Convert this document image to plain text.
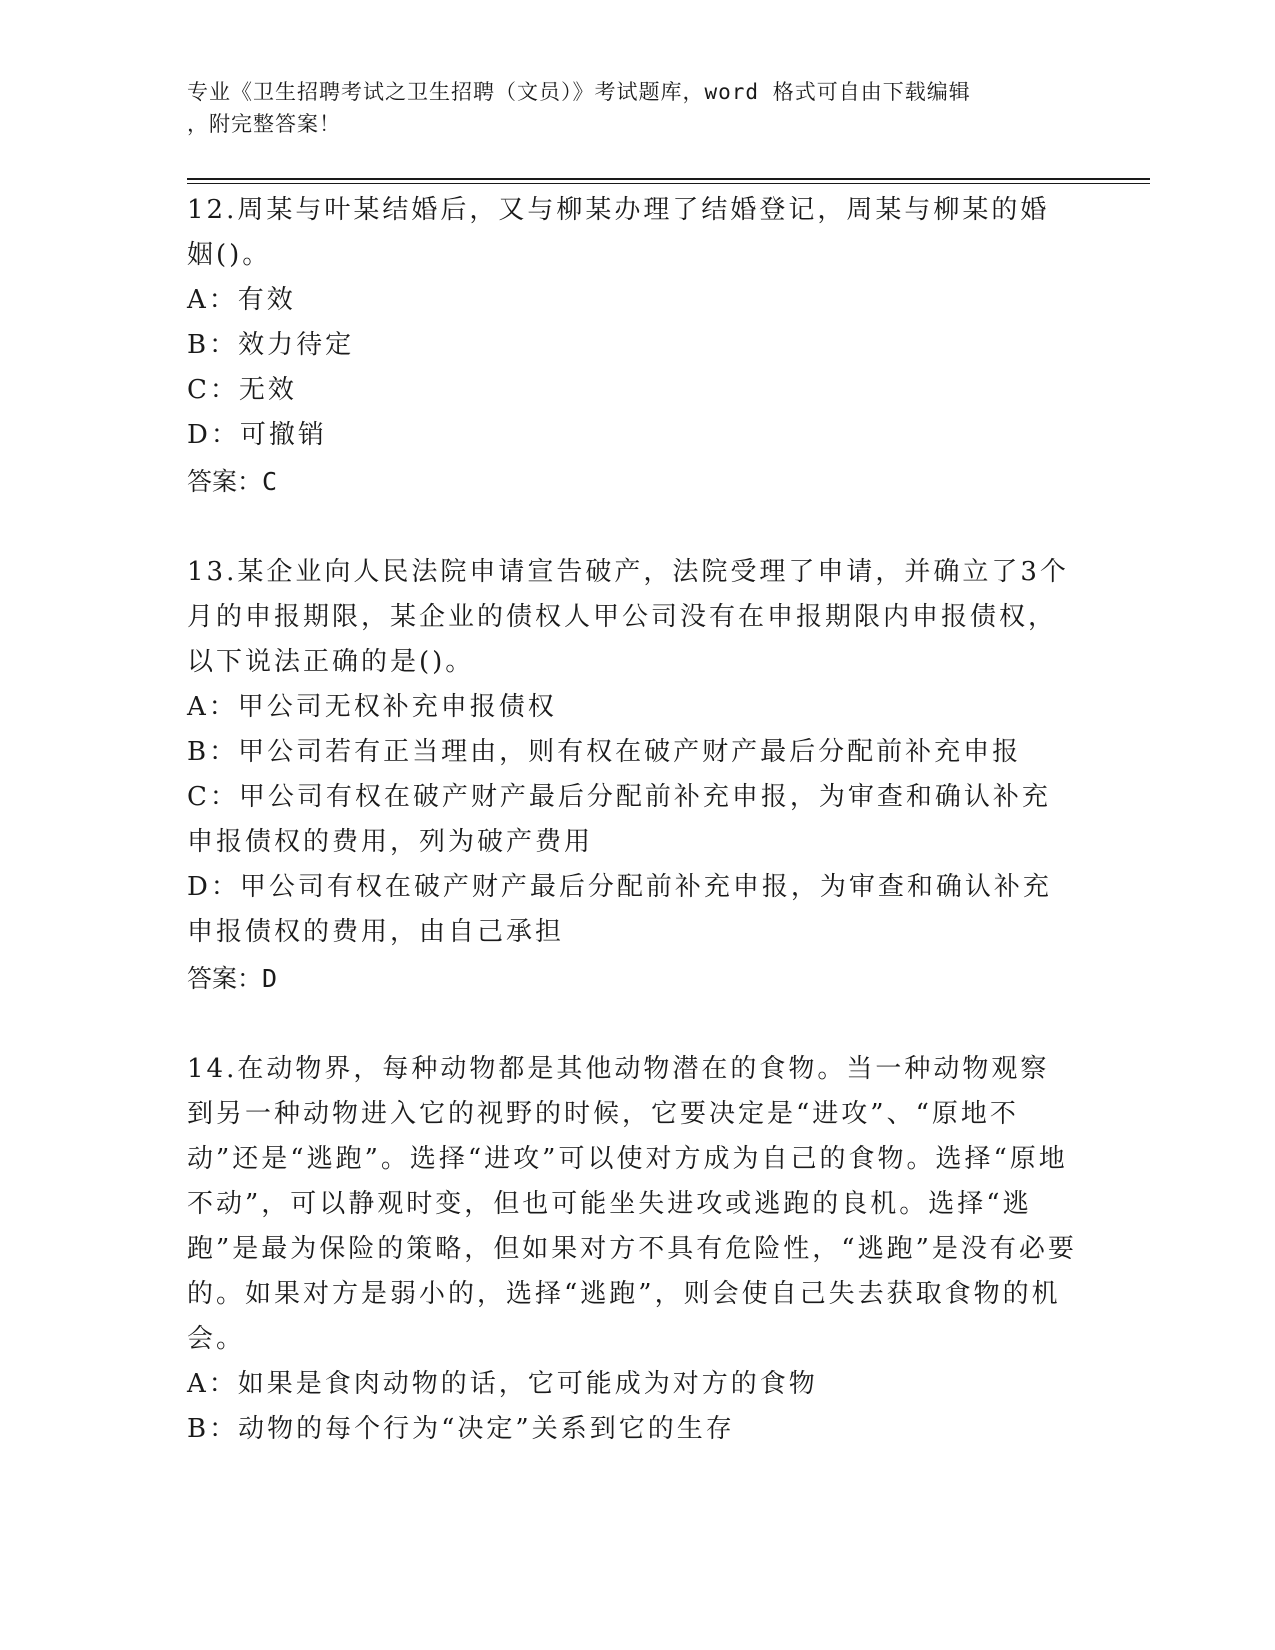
专业《卫生招聘考试之卫生招聘（文员）》考试题库，word 格式可自由下载编辑
，附完整答案！

12.周某与叶某结婚后，又与柳某办理了结婚登记，周某与柳某的婚姻()。

A：有效

B：效力待定

C：无效

D：可撤销

答案：C

13.某企业向人民法院申请宣告破产，法院受理了申请，并确立了3个月的申报期限，某企业的债权人甲公司没有在申报期限内申报债权，以下说法正确的是()。

A：甲公司无权补充申报债权

B：甲公司若有正当理由，则有权在破产财产最后分配前补充申报

C：甲公司有权在破产财产最后分配前补充申报，为审查和确认补充申报债权的费用，列为破产费用

D：甲公司有权在破产财产最后分配前补充申报，为审查和确认补充申报债权的费用，由自己承担

答案：D

14.在动物界，每种动物都是其他动物潜在的食物。当一种动物观察到另一种动物进入它的视野的时候，它要决定是“进攻”、“原地不动”还是“逃跑”。选择“进攻”可以使对方成为自己的食物。选择“原地不动”，可以静观时变，但也可能坐失进攻或逃跑的良机。选择“逃跑”是最为保险的策略，但如果对方不具有危险性，“逃跑”是没有必要的。如果对方是弱小的，选择“逃跑”，则会使自己失去获取食物的机会。

A：如果是食肉动物的话，它可能成为对方的食物

B：动物的每个行为“决定”关系到它的生存
